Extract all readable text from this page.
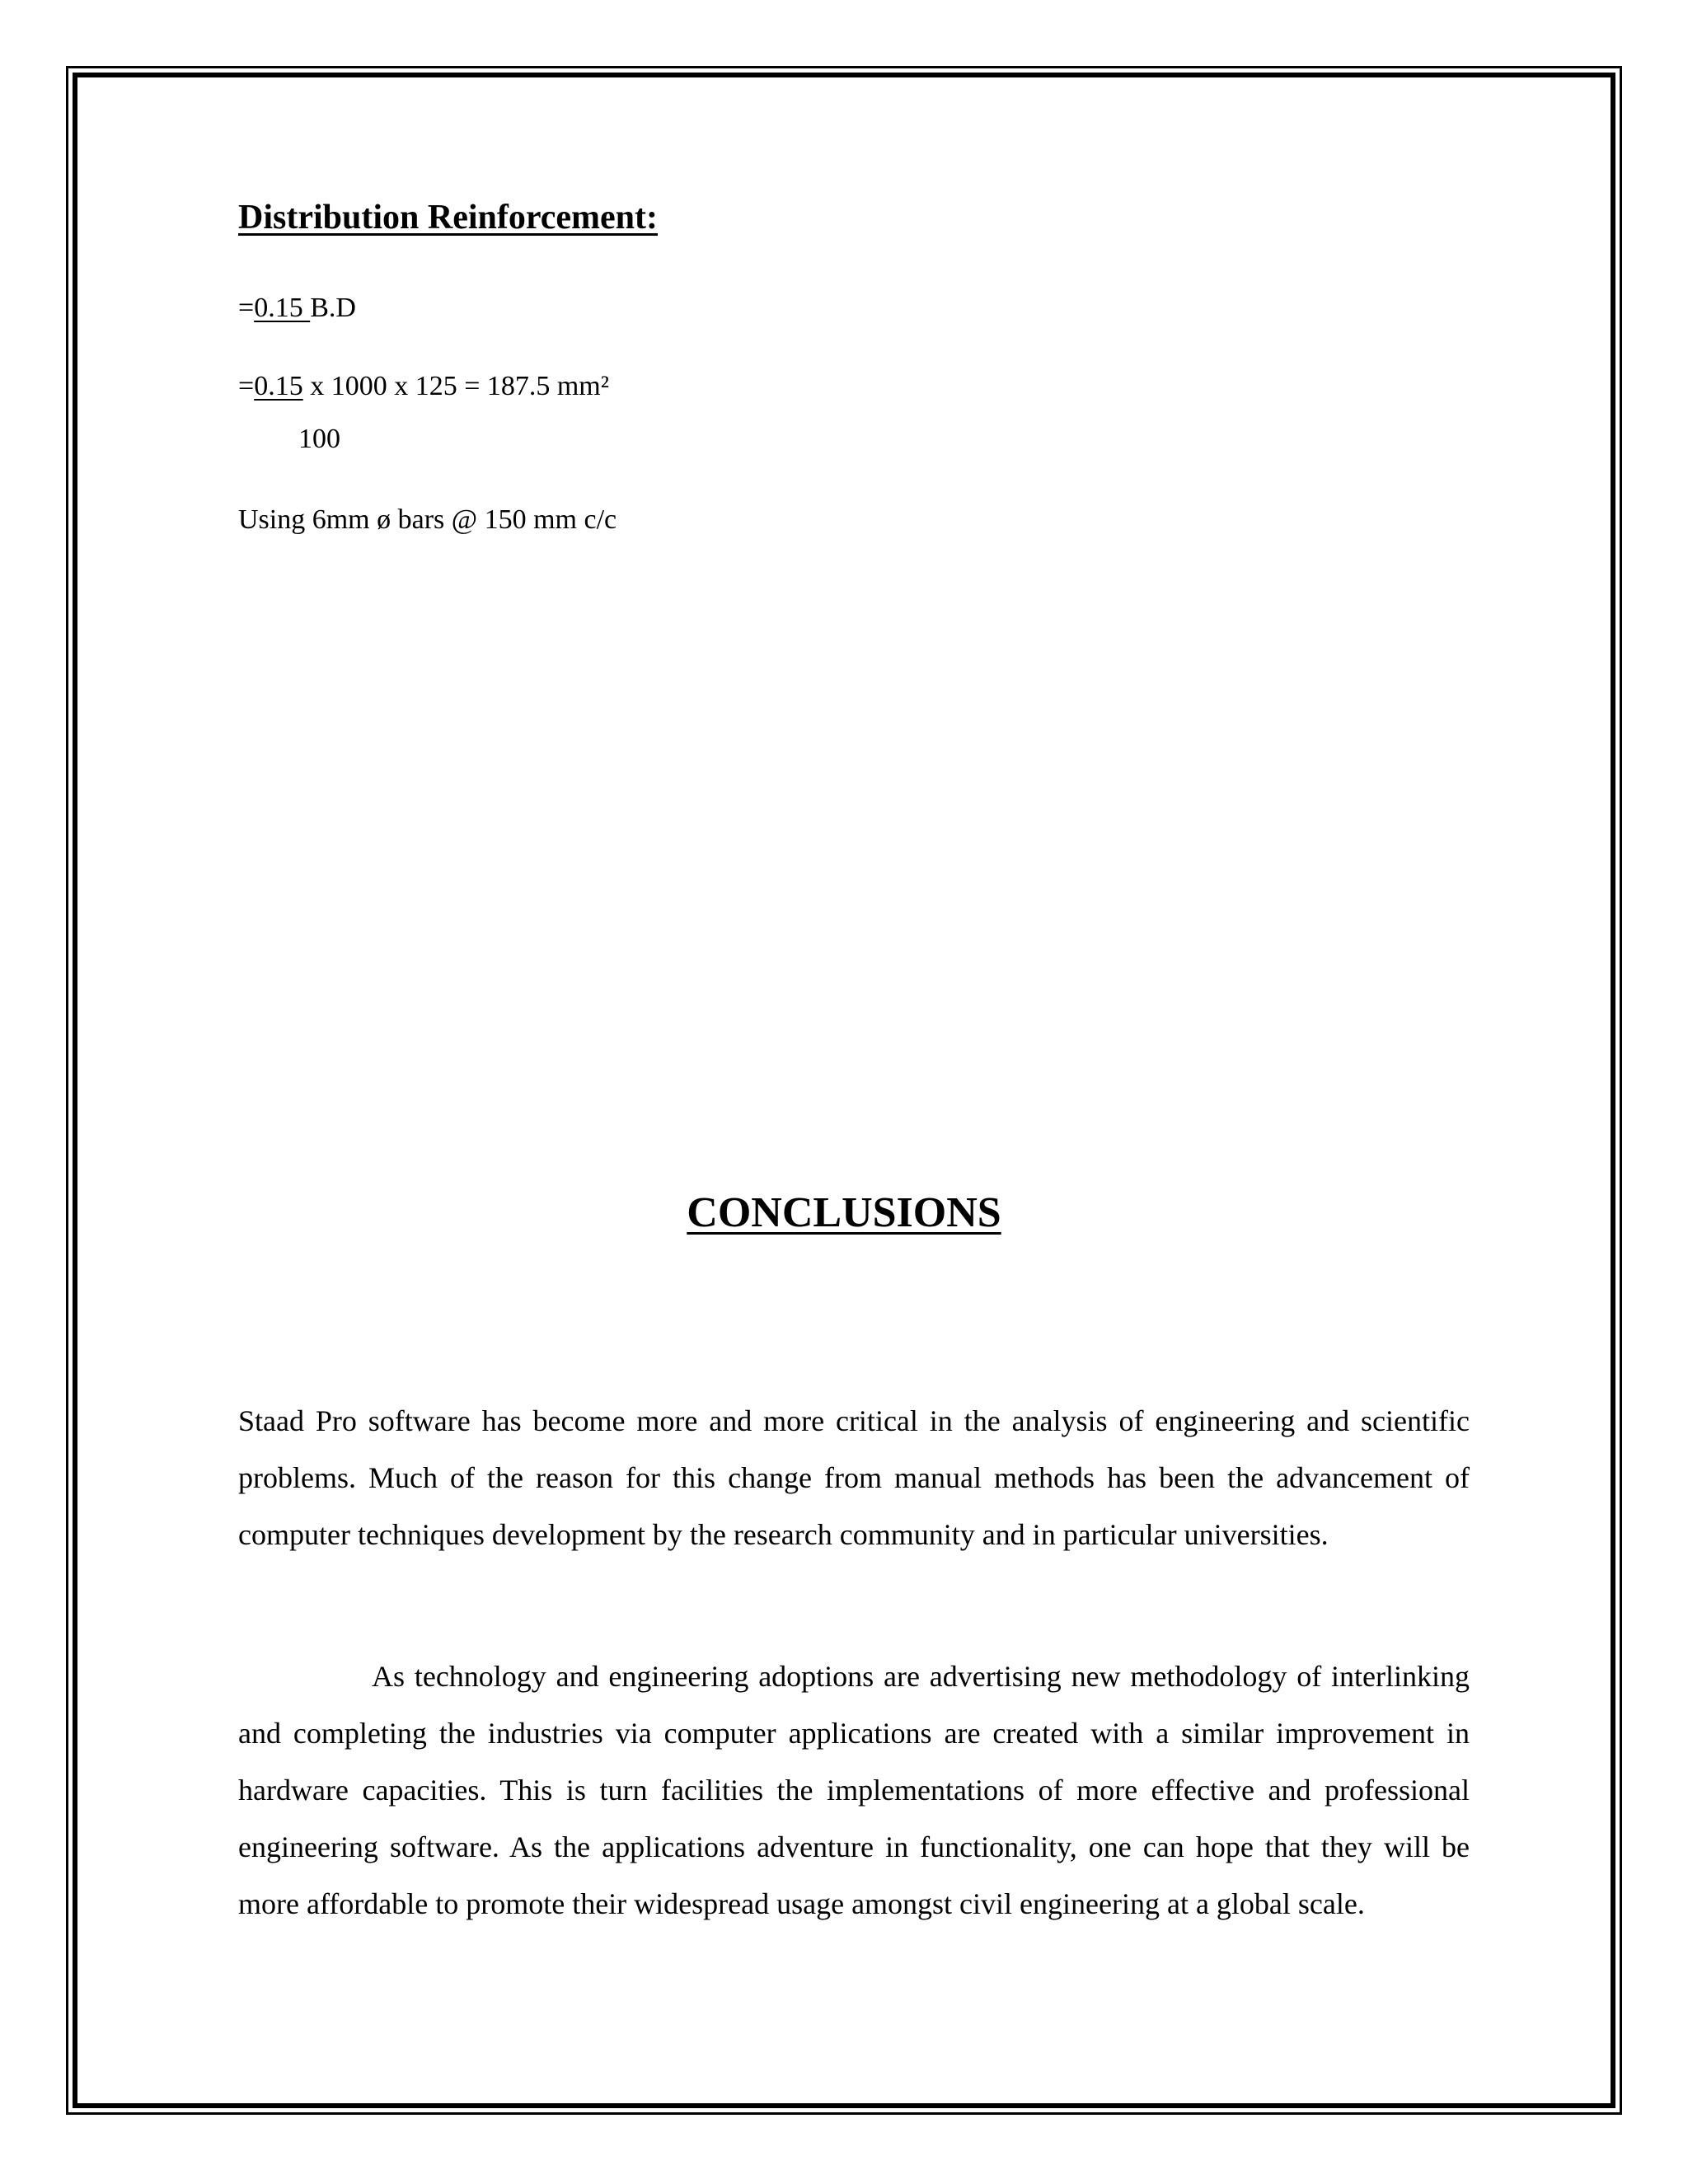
Distribution Reinforcement:

=0.15 B.D

=0.15 x 1000 x 125 = 187.5 mm²

100

Using 6mm ø bars @ 150 mm c/c

CONCLUSIONS

Staad Pro software has become more and more critical in the analysis of engineering and scientific problems. Much of the reason for this change from manual methods has been the advancement of computer techniques development by the research community and in particular universities.

As technology and engineering adoptions are advertising new methodology of interlinking and completing the industries via computer applications are created with a similar improvement in hardware capacities. This is turn facilities the implementations of more effective and professional engineering software. As the applications adventure in functionality, one can hope that they will be more affordable to promote their widespread usage amongst civil engineering at a global scale.
